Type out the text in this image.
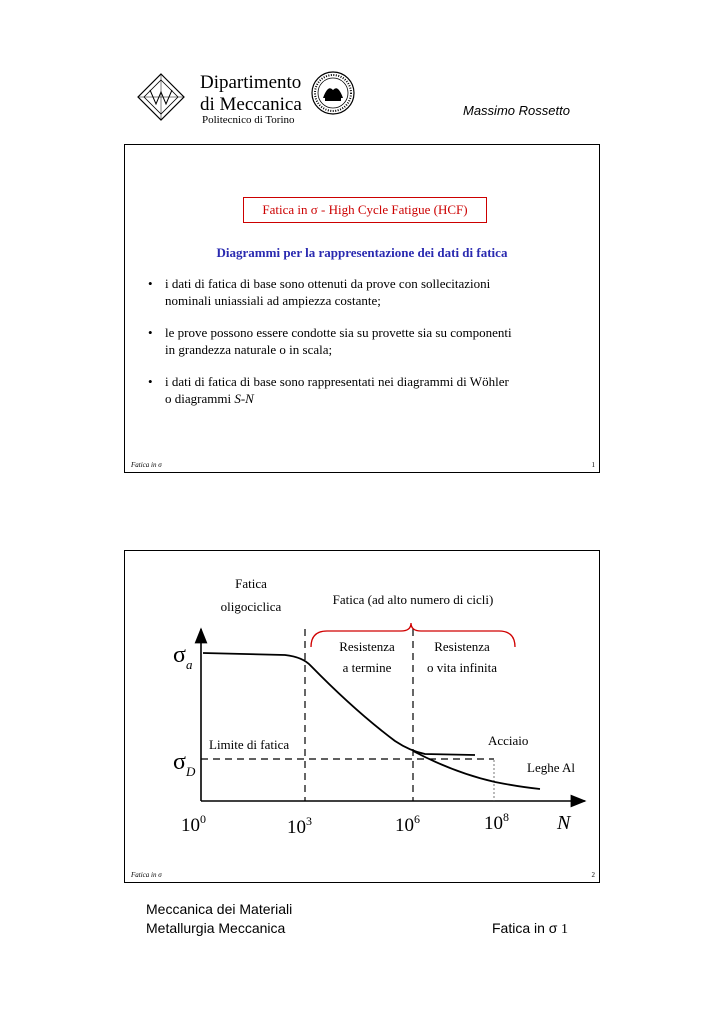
Dipartimento
di Meccanica
Politecnico di Torino
Massimo Rossetto
Fatica in σ - High Cycle Fatigue (HCF)
Diagrammi per la rappresentazione dei dati di fatica
• i dati di fatica di base sono ottenuti da prove con sollecitazioni
nominali uniassiali ad ampiezza costante;
• le prove possono essere condotte sia su provette sia su componenti
in grandezza naturale o in scala;
• i dati di fatica di base sono rappresentati nei diagrammi di Wöhler
o diagrammi S-N
Fatica in σ	1
Fatica
oligociclica	Fatica (ad alto numero di cicli)
Resistenza
a termine
Resistenza
o vita infinita
Limite di fatica	Acciaio
Leghe Al
$\sigma_a$
$\sigma_D$
$10^0$	$10^3$	$10^6$	$10^8$ N
Fatica in σ	2
Meccanica dei Materiali
Metallurgia Meccanica	Fatica in σ 1
